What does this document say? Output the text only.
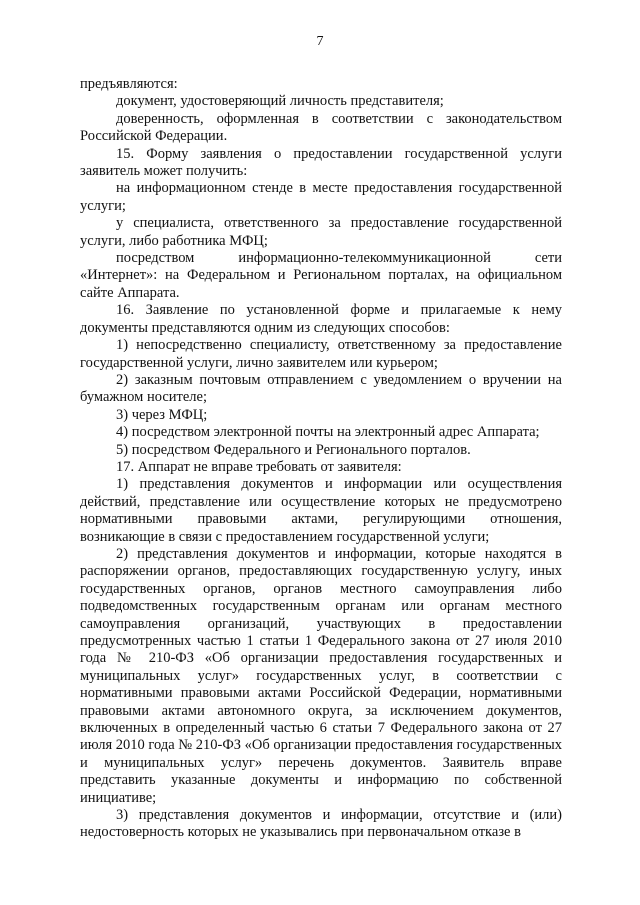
7

предъявляются:

документ, удостоверяющий личность представителя;

доверенность, оформленная в соответствии с законодательством Российской Федерации.

15. Форму заявления о предоставлении государственной услуги заявитель может получить:

на информационном стенде в месте предоставления государственной услуги;

у специалиста, ответственного за предоставление государственной услуги, либо работника МФЦ;

посредством информационно-телекоммуникационной сети «Интернет»: на Федеральном и Региональном порталах, на официальном сайте Аппарата.

16. Заявление по установленной форме и прилагаемые к нему документы представляются одним из следующих способов:

1) непосредственно специалисту, ответственному за предоставление государственной услуги, лично заявителем или курьером;

2) заказным почтовым отправлением с уведомлением о вручении на бумажном носителе;

3) через МФЦ;

4) посредством электронной почты на электронный адрес Аппарата;

5) посредством Федерального и Регионального порталов.

17. Аппарат не вправе требовать от заявителя:

1) представления документов и информации или осуществления действий, представление или осуществление которых не предусмотрено нормативными правовыми актами, регулирующими отношения, возникающие в связи с предоставлением государственной услуги;

2) представления документов и информации, которые находятся в распоряжении органов, предоставляющих государственную услугу, иных государственных органов, органов местного самоуправления либо подведомственных государственным органам или органам местного самоуправления организаций, участвующих в предоставлении предусмотренных частью 1 статьи 1 Федерального закона от 27 июля 2010 года № 210-ФЗ «Об организации предоставления государственных и муниципальных услуг» государственных услуг, в соответствии с нормативными правовыми актами Российской Федерации, нормативными правовыми актами автономного округа, за исключением документов, включенных в определенный частью 6 статьи 7 Федерального закона от 27 июля 2010 года № 210-ФЗ «Об организации предоставления государственных и муниципальных услуг» перечень документов. Заявитель вправе представить указанные документы и информацию по собственной инициативе;

3) представления документов и информации, отсутствие и (или) недостоверность которых не указывались при первоначальном отказе в
